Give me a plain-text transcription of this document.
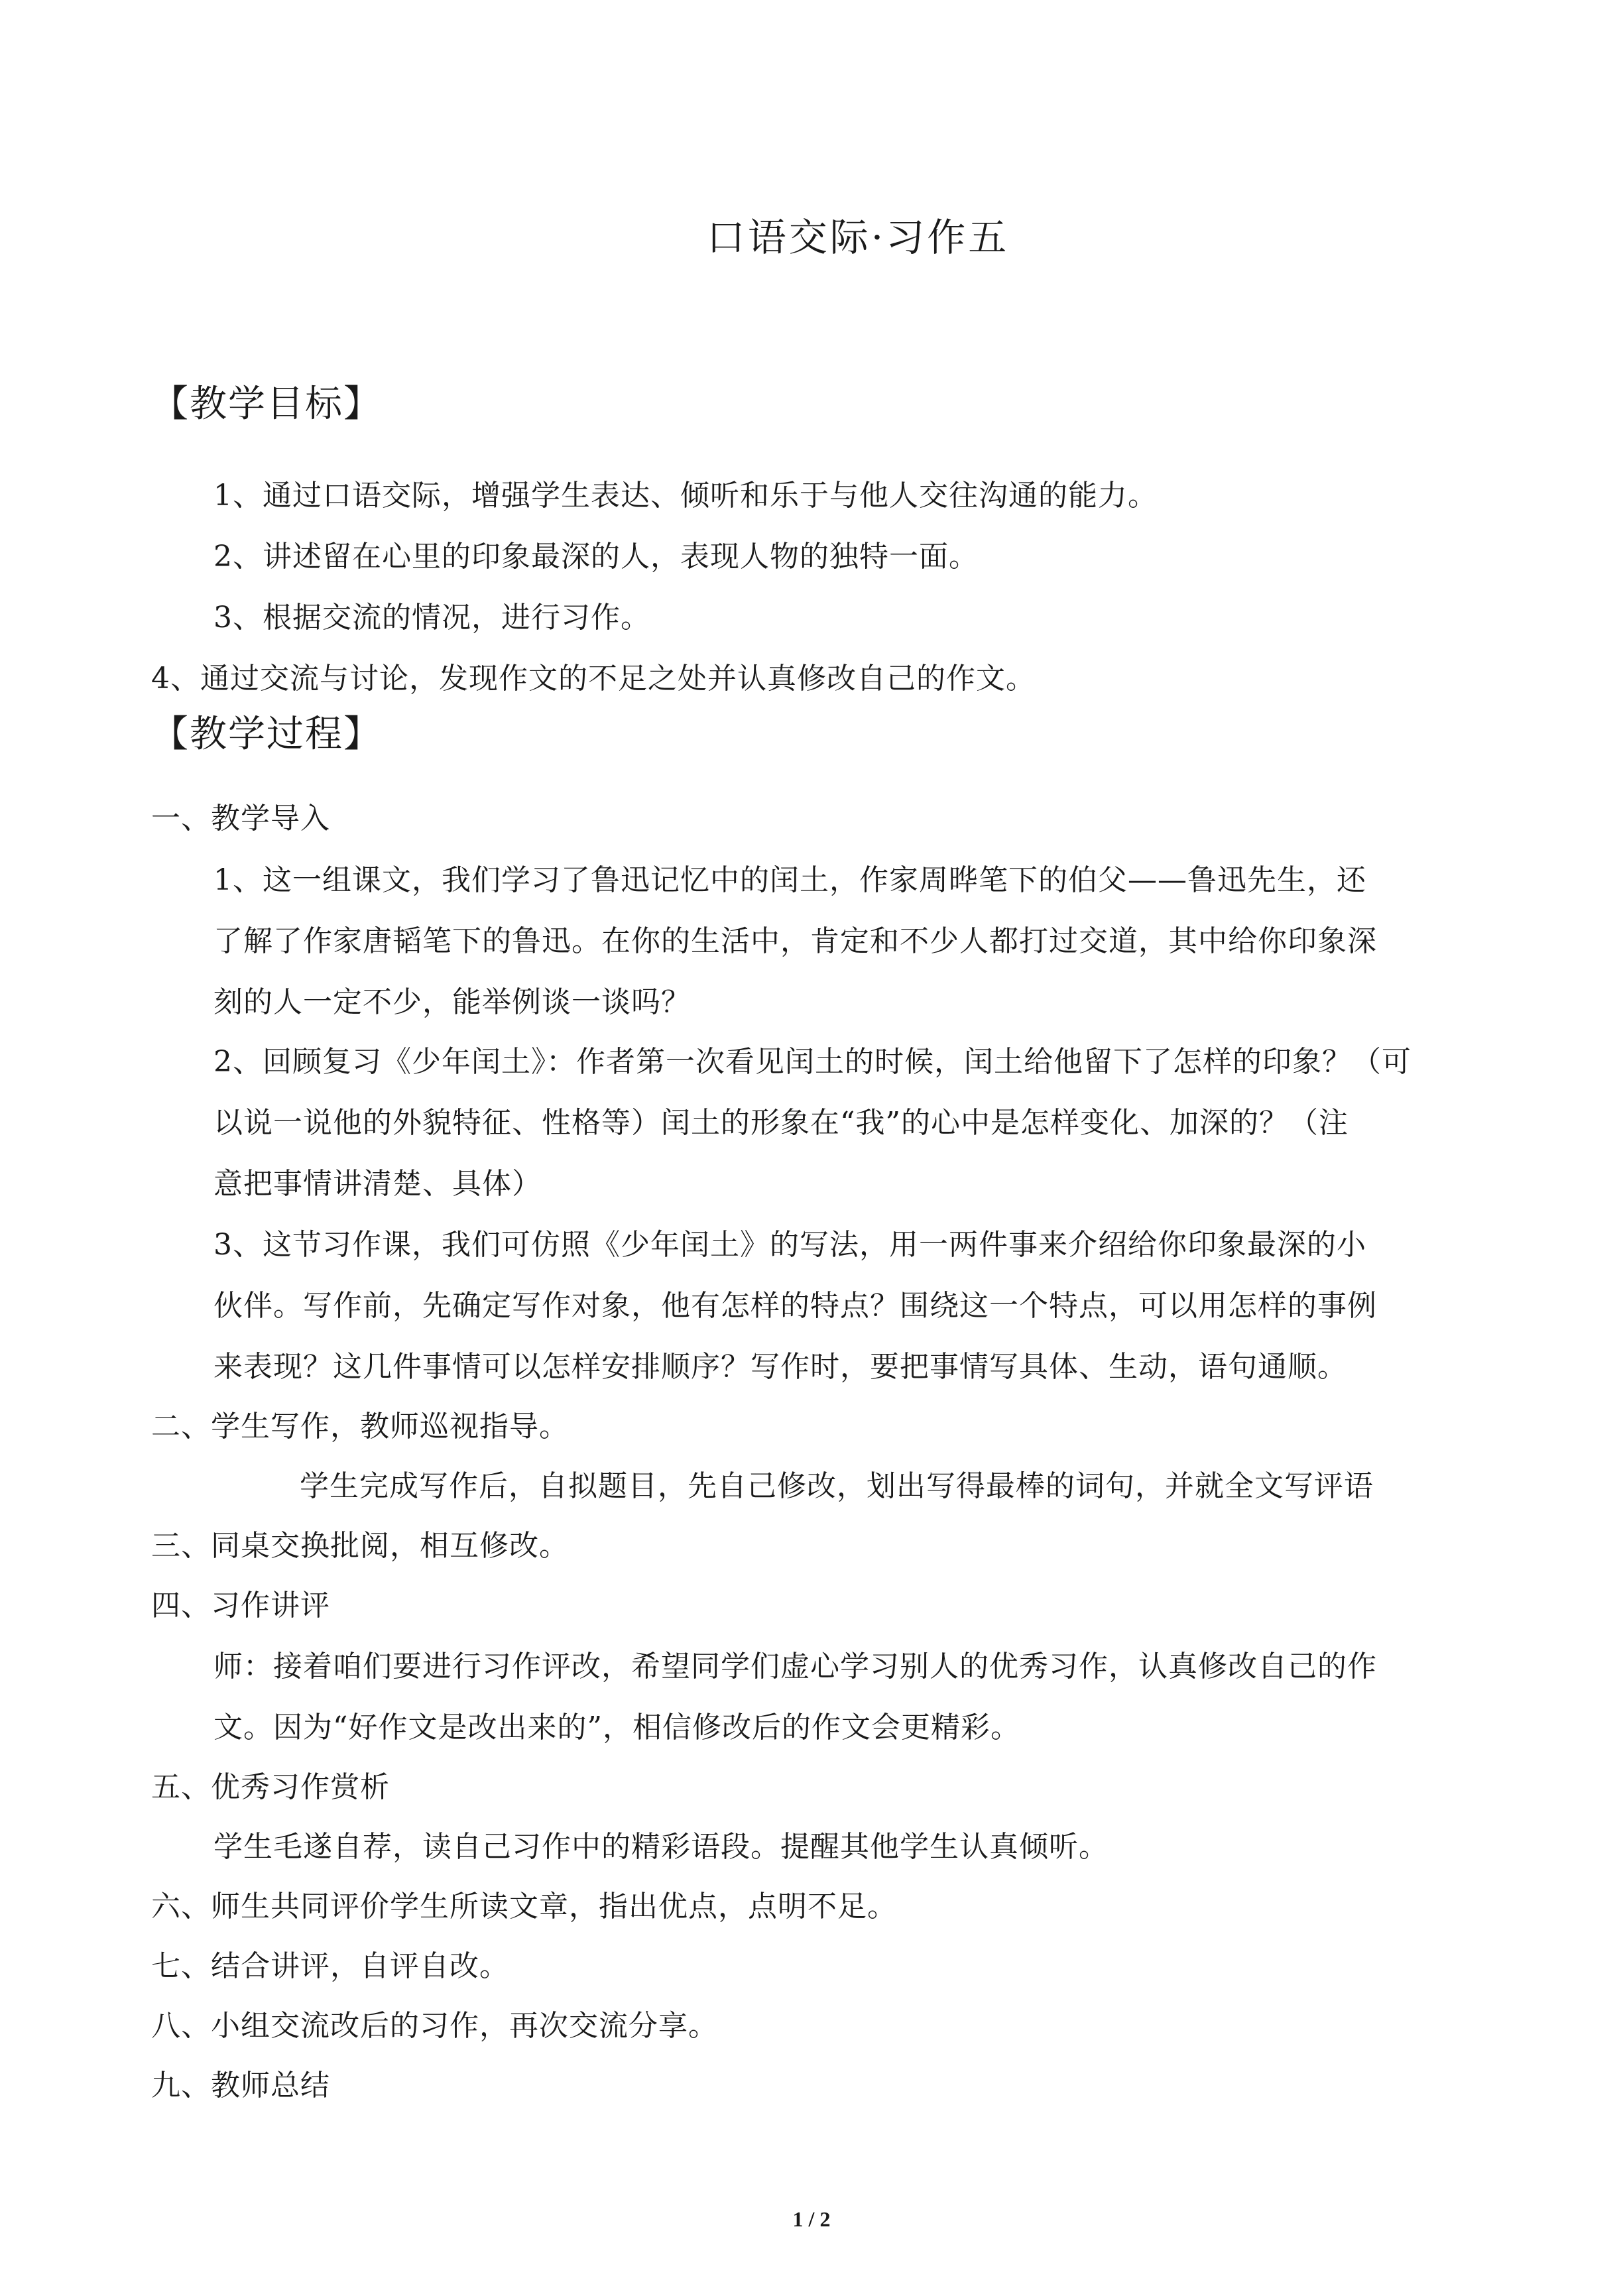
口语交际·习作五
【教学目标】
1、通过口语交际，增强学生表达、倾听和乐于与他人交往沟通的能力。
2、讲述留在心里的印象最深的人，表现人物的独特一面。
3、根据交流的情况，进行习作。
4、通过交流与讨论，发现作文的不足之处并认真修改自己的作文。
【教学过程】
一、教学导入
1、这一组课文，我们学习了鲁迅记忆中的闰土，作家周晔笔下的伯父——鲁迅先生，还
了解了作家唐韬笔下的鲁迅。在你的生活中，肯定和不少人都打过交道，其中给你印象深
刻的人一定不少，能举例谈一谈吗？
2、回顾复习《少年闰土》：作者第一次看见闰土的时候，闰土给他留下了怎样的印象？（可
以说一说他的外貌特征、性格等）闰土的形象在“我”的心中是怎样变化、加深的？（注
意把事情讲清楚、具体）
3、这节习作课，我们可仿照《少年闰土》的写法，用一两件事来介绍给你印象最深的小
伙伴。写作前，先确定写作对象，他有怎样的特点？围绕这一个特点，可以用怎样的事例
来表现？这几件事情可以怎样安排顺序？写作时，要把事情写具体、生动，语句通顺。
二、学生写作，教师巡视指导。
学生完成写作后，自拟题目，先自己修改，划出写得最棒的词句，并就全文写评语
三、同桌交换批阅，相互修改。
四、习作讲评
师：接着咱们要进行习作评改，希望同学们虚心学习别人的优秀习作，认真修改自己的作
文。因为“好作文是改出来的”，相信修改后的作文会更精彩。
五、优秀习作赏析
学生毛遂自荐，读自己习作中的精彩语段。提醒其他学生认真倾听。
六、师生共同评价学生所读文章，指出优点，点明不足。
七、结合讲评，自评自改。
八、小组交流改后的习作，再次交流分享。
九、教师总结
1 / 2
